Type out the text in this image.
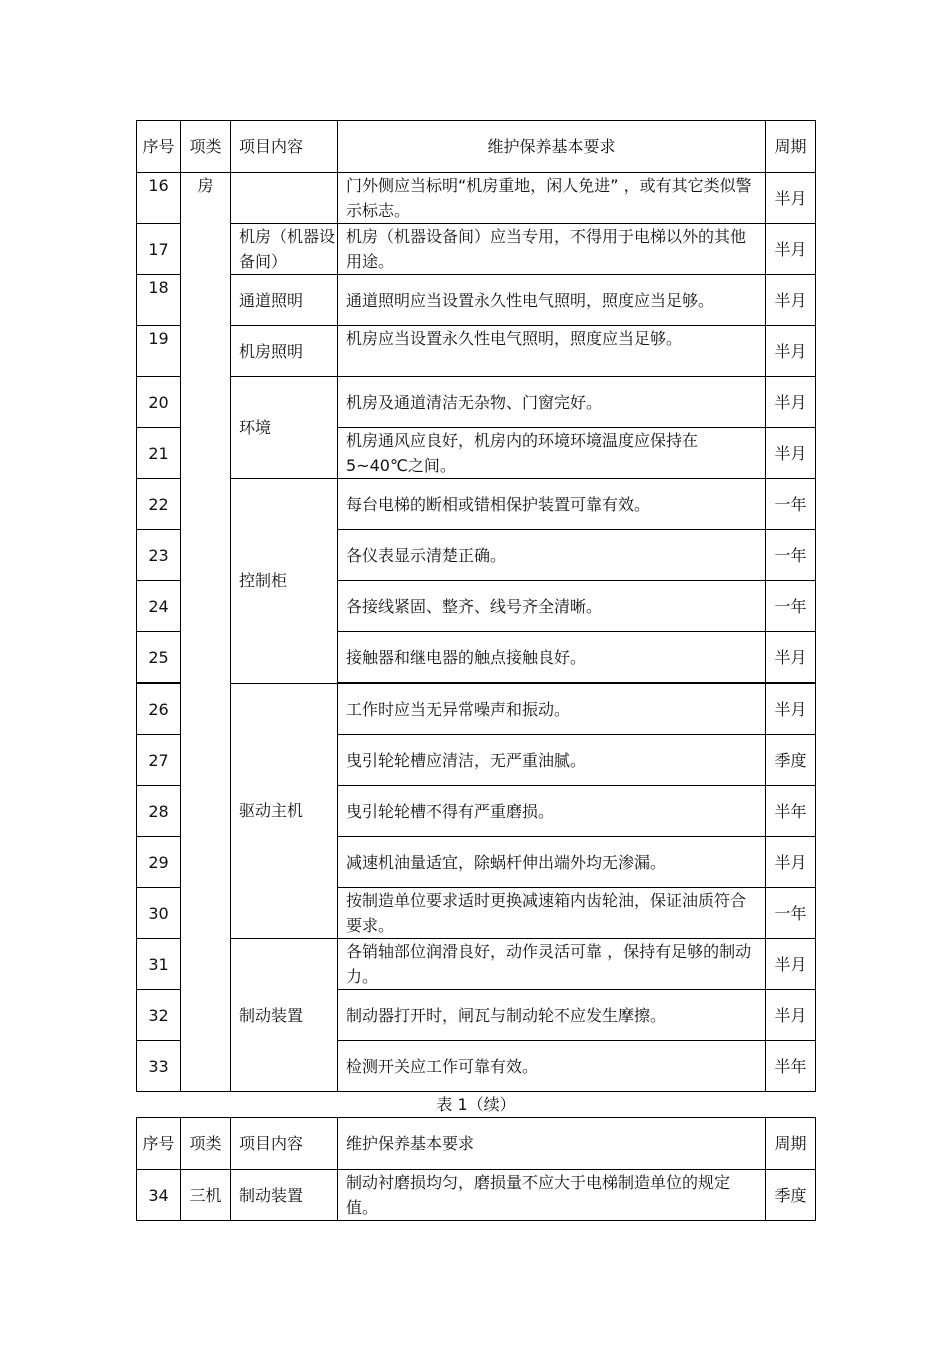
序号	项类	项目内容	维护保养基本要求	周期

16	房		门外侧应当标明“机房重地，闲人免进” ，或有其它类似警示标志。	半月
17		机房（机器设备间）	机房（机器设备间）应当专用，不得用于电梯以外的其他用途。	半月
18		通道照明	通道照明应当设置永久性电气照明，照度应当足够。	半月
19		机房照明	机房应当设置永久性电气照明，照度应当足够。	半月
20		环境	机房及通道清洁无杂物、门窗完好。	半月
21			机房通风应良好，机房内的环境环境温度应保持在 5~40℃之间。	半月
22		控制柜	每台电梯的断相或错相保护装置可靠有效。	一年
23			各仪表显示清楚正确。	一年
24			各接线紧固、整齐、线号齐全清晰。	一年
25			接触器和继电器的触点接触良好。	半月
26		驱动主机	工作时应当无异常噪声和振动。	半月
27			曳引轮轮槽应清洁，无严重油腻。	季度
28			曳引轮轮槽不得有严重磨损。	半年
29			减速机油量适宜，除蜗杆伸出端外均无渗漏。	半月
30			按制造单位要求适时更换减速箱内齿轮油，保证油质符合要求。	一年
31		制动装置	各销轴部位润滑良好，动作灵活可靠 ，保持有足够的制动力。	半月
32			制动器打开时，闸瓦与制动轮不应发生摩擦。	半月
33			检测开关应工作可靠有效。	半年
表 1（续）
序号	项类	项目内容	维护保养基本要求	周期

34	三机	制动装置	制动衬磨损均匀，磨损量不应大于电梯制造单位的规定值。	季度
